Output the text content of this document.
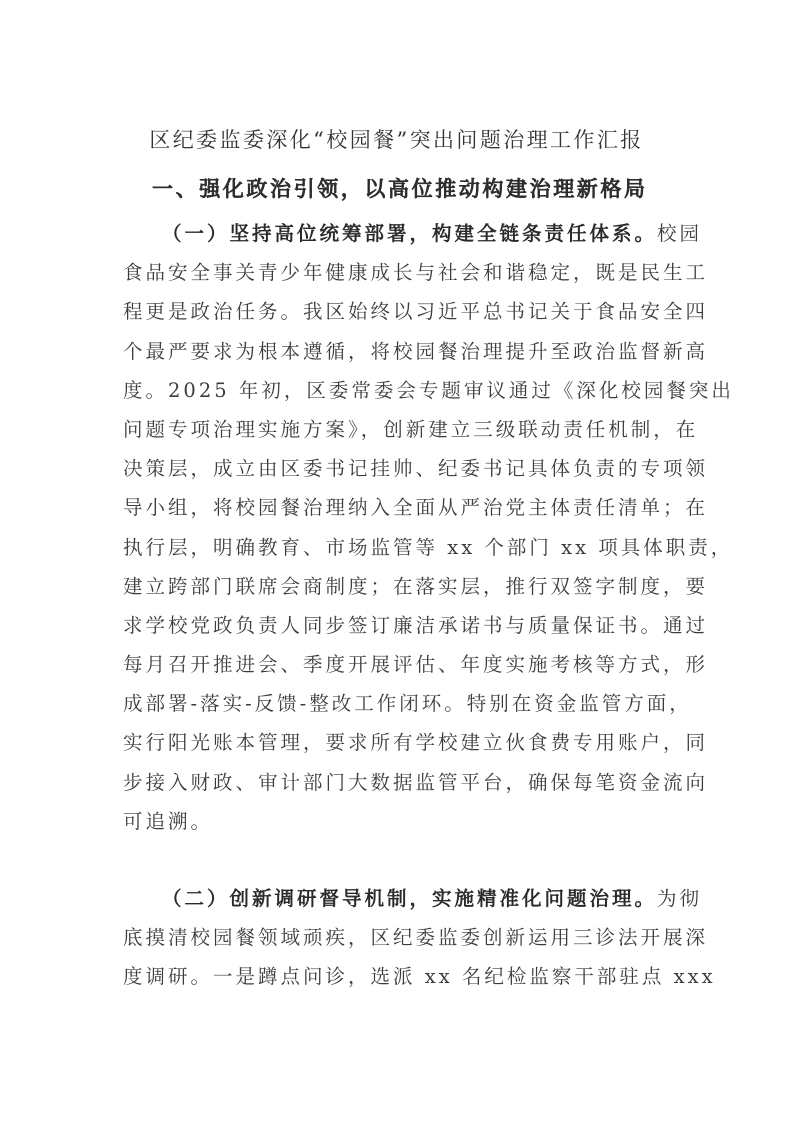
区纪委监委深化“校园餐”突出问题治理工作汇报
一、强化政治引领，以高位推动构建治理新格局
（一）坚持高位统筹部署，构建全链条责任体系。校园
食品安全事关青少年健康成长与社会和谐稳定，既是民生工
程更是政治任务。我区始终以习近平总书记关于食品安全四
个最严要求为根本遵循，将校园餐治理提升至政治监督新高
度。2025 年初，区委常委会专题审议通过《深化校园餐突出
问题专项治理实施方案》，创新建立三级联动责任机制，在
决策层，成立由区委书记挂帅、纪委书记具体负责的专项领
导小组，将校园餐治理纳入全面从严治党主体责任清单；在
执行层，明确教育、市场监管等 xx 个部门 xx 项具体职责，
建立跨部门联席会商制度；在落实层，推行双签字制度，要
求学校党政负责人同步签订廉洁承诺书与质量保证书。通过
每月召开推进会、季度开展评估、年度实施考核等方式，形
成部署-落实-反馈-整改工作闭环。特别在资金监管方面，
实行阳光账本管理，要求所有学校建立伙食费专用账户，同
步接入财政、审计部门大数据监管平台，确保每笔资金流向
可追溯。
（二）创新调研督导机制，实施精准化问题治理。为彻
底摸清校园餐领域顽疾，区纪委监委创新运用三诊法开展深
度调研。一是蹲点问诊，选派 xx 名纪检监察干部驻点 xxx
